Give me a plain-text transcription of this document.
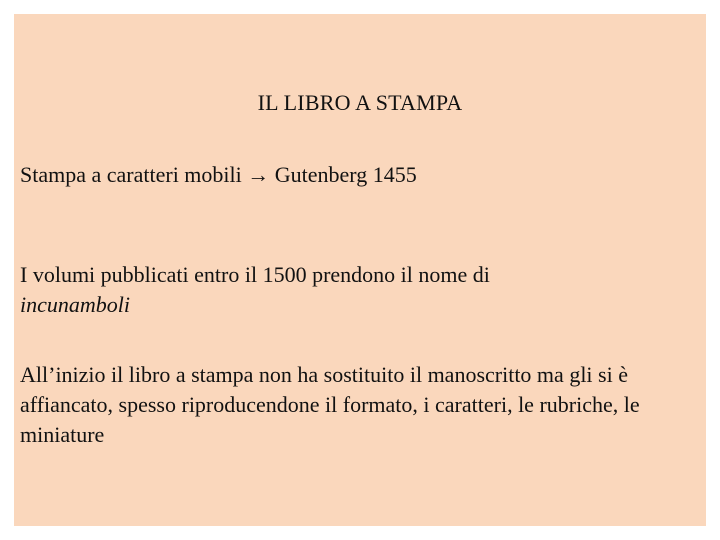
IL LIBRO A STAMPA

Stampa a caratteri mobili → Gutenberg 1455

I volumi pubblicati entro il 1500 prendono il nome di
incunamboli

All’inizio il libro a stampa non ha sostituito il manoscritto ma gli si è affiancato, spesso riproducendone il formato, i caratteri, le rubriche, le miniature
